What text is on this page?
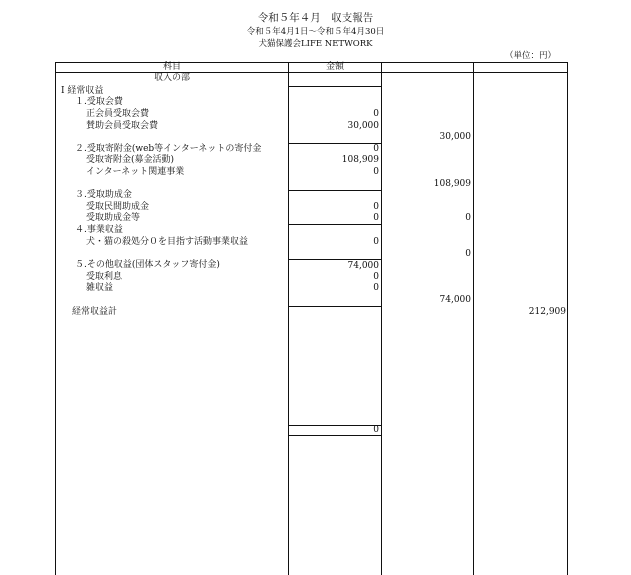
令和５年４月　収支報告
令和５年4月1日～令和５年4月30日
犬猫保護会LIFE NETWORK
（単位：円）
科目	金額
収入の部
Ⅰ 経常収益
１.受取会費
正会員受取会費
賛助会員受取会費
２.受取寄附金(web等インターネットの寄付金
受取寄附金(募金活動)
インターネット関連事業
３.受取助成金
受取民間助成金
受取助成金等
４.事業収益
犬・猫の殺処分０を目指す活動事業収益
５.その他収益(団体スタッフ寄付金)
受取利息
雑収益
経常収益計
0
30,000
0
108,909
0
0
0
0
74,000
0
0
0
30,000
108,909
0
0
74,000
212,909
